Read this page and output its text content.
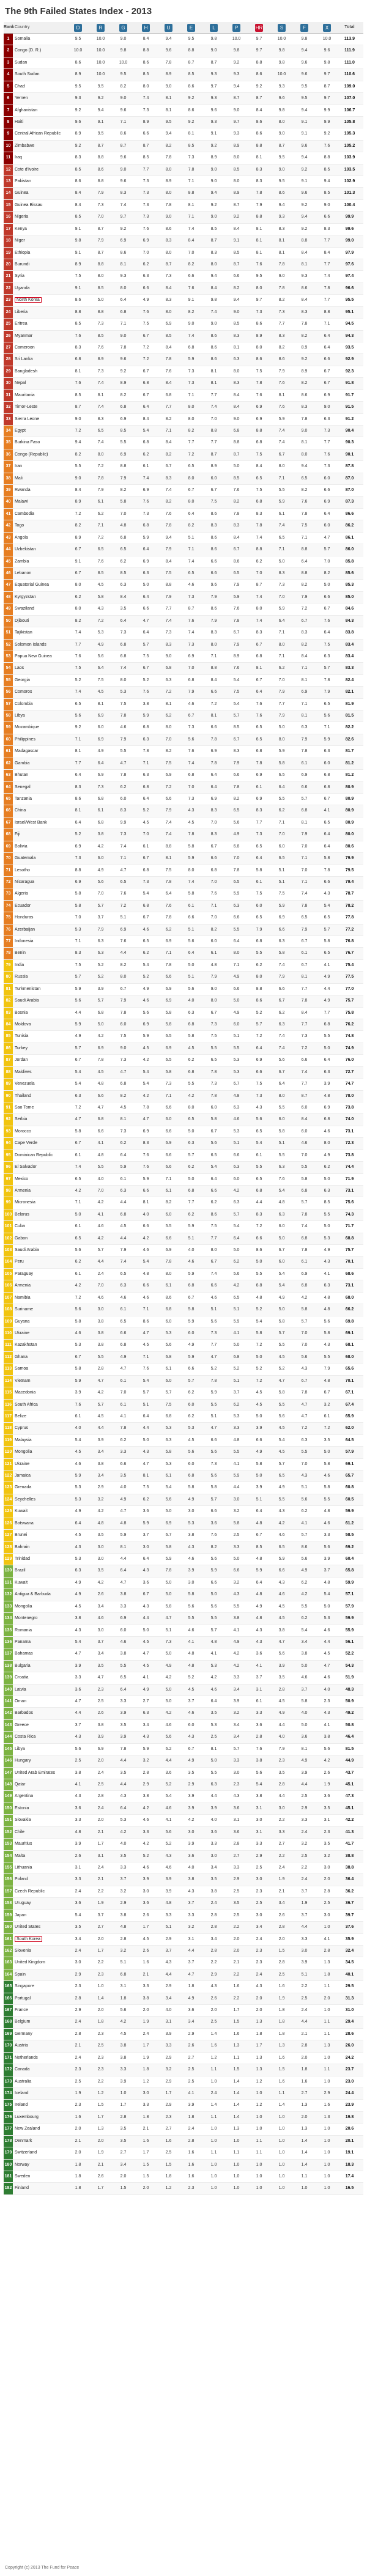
The 9th Failed States Index - 2013
Rank Country	D	R	G	H	U	E	L	P	HR	S	F	X	Total
1	Somalia	9.5	10.0	9.0	8.4	9.4	9.5	9.8	10.0	9.7	10.0	9.8	10.0	113.9
2	Congo (D. R.)	10.0	10.0	9.8	8.8	9.6	8.8	9.0	9.8	9.7	9.8	9.4	9.6	111.9
3	Sudan	8.6	10.0	10.0	8.6	7.8	8.7	8.7	9.2	8.8	9.8	9.6	9.8	111.0
4	South Sudan	8.9	10.0	9.5	8.5	8.9	8.5	9.3	9.3	8.6	10.0	9.6	9.7	110.6
5	Chad	9.5	9.5	8.2	8.0	9.0	8.6	9.7	9.4	9.2	9.3	9.5	8.7	109.0
6	Yemen	9.3	9.2	9.0	7.4	8.1	9.2	9.3	8.7	8.7	9.6	9.5	9.7	107.0
7	Afghanistan	9.2	9.4	9.6	7.3	8.1	8.6	9.6	9.0	8.4	9.8	9.4	9.9	106.7
8	Haiti	9.6	9.1	7.1	8.9	9.5	9.2	9.3	9.7	8.6	8.0	9.1	9.9	105.8
9	Central African Republic	8.9	9.5	8.6	6.6	9.4	8.1	9.1	9.3	8.6	9.0	9.1	9.2	105.3
10 Zimbabwe	9.2	8.7	8.7	8.7	8.2	8.5	9.2	8.9	8.8	8.7	9.6	7.6	105.2
11 Iraq	8.3	8.8	9.6	8.5	7.8	7.3	8.9	8.0	8.1	9.5	9.4	8.8	103.9
12 Cote d'Ivoire	8.5	8.6	9.0	7.7	8.0	7.8	9.0	8.5	8.3	9.0	9.2	8.5	103.5
13 Pakistan	8.6	8.8	9.6	7.3	8.9	7.1	9.0	8.0	8.3	9.5	9.1	9.4	102.9
14 Guinea	8.4	7.9	8.3	7.3	8.0	8.8	9.4	8.9	7.8	8.6	9.6	8.5	101.3
15 Guinea Bissau	8.4	7.3	7.4	7.3	7.8	8.1	9.2	8.7	7.9	9.4	9.2	9.0	100.4
16 Nigeria	8.5	7.0	9.7	7.3	9.0	7.1	9.0	9.2	8.8	9.3	9.4	6.6	99.9
17 Kenya	9.1	8.7	9.2	7.6	8.6	7.4	8.5	8.4	8.1	8.3	9.2	8.3	99.6
18 Niger	9.8	7.9	6.9	6.9	8.3	8.4	8.7	9.1	8.1	8.1	8.8	7.7	99.0
19 Ethiopia	9.1	8.7	8.6	7.0	8.0	7.0	8.3	8.5	8.1	8.1	8.4	8.4	97.9
20 Burundi	8.9	8.8	8.1	6.2	8.7	8.2	8.0	8.7	7.6	7.8	8.1	7.7	97.6
21 Syria	7.5	8.0	9.3	6.3	7.3	6.6	9.4	6.6	9.5	9.0	9.3	7.4	97.4
22 Uganda	9.1	8.5	8.0	6.6	8.4	7.6	8.4	8.2	8.0	7.8	8.6	7.8	96.6
23	North Korea	8.6	5.0	6.4	4.9	8.3	9.1	9.8	9.4	9.7	8.2	8.4	7.7	95.5
24 Liberia	8.8	8.8	6.8	7.6	8.0	8.2	7.4	9.0	7.3	7.3	8.3	8.8	95.1
25 Eritrea	8.5	7.3	7.1	7.5	6.9	9.0	9.0	8.5	8.6	7.7	7.8	7.1	94.5
26 Myanmar	7.6	8.5	9.0	6.7	8.5	7.4	8.6	8.3	8.9	8.3	8.2	6.4	94.3
27 Cameroon	8.3	7.6	7.8	7.2	8.4	6.8	8.6	8.1	8.0	8.2	8.9	6.4	93.5
28 Sri Lanka	6.8	8.9	9.6	7.2	7.8	5.9	8.6	6.3	8.6	8.6	9.2	6.6	92.9
29 Bangladesh	8.1	7.3	9.2	6.7	7.6	7.3	8.1	8.0	7.5	7.9	8.9	6.7	92.3
30 Nepal	7.6	7.4	8.9	6.8	8.4	7.3	8.1	8.3	7.8	7.6	8.2	6.7	91.8
31 Mauritania	8.5	8.1	8.2	6.7	6.8	7.1	7.7	8.4	7.6	8.1	8.6	6.9	91.7
32 Timor-Leste	8.7	7.4	6.8	6.4	7.7	8.0	7.4	8.4	6.9	7.6	8.3	9.0	91.5
33 Sierra Leone	9.0	8.3	6.9	8.4	8.2	8.0	7.0	9.0	6.9	5.9	7.8	6.3	91.2
34 Egypt	7.2	6.5	8.5	5.4	7.1	8.2	8.8	6.8	8.8	7.4	9.0	7.3	90.4
35 Burkina Faso	9.4	7.4	5.5	6.8	8.4	7.7	7.7	8.8	6.8	7.4	8.1	7.7	90.3
36 Congo (Republic)	8.2	8.0	6.9	6.2	8.2	7.2	8.7	8.7	7.5	6.7	8.0	7.6	90.1
37 Iran	5.5	7.2	8.8	6.1	6.7	6.5	8.9	5.0	8.4	8.0	9.4	7.3	87.8
38 Mali	9.0	7.8	7.9	7.4	8.3	8.0	6.0	8.5	6.5	7.1	6.5	6.0	87.0
39 Rwanda	8.4	7.9	8.2	6.9	7.4	6.7	6.7	7.6	7.5	5.5	8.2	6.6	87.0
40 Malawi	8.9	6.1	5.8	7.6	8.2	8.0	7.5	8.2	6.8	5.9	7.6	6.9	87.3
41 Cambodia	7.2	6.2	7.0	7.3	7.6	6.4	8.6	7.8	8.3	6.1	7.8	6.4	86.6
42 Togo	8.2	7.1	4.8	6.8	7.8	8.2	8.3	8.3	7.8	7.4	7.5	6.0	86.2
43 Angola	8.9	7.2	6.8	5.9	9.4	5.1	8.6	8.4	7.4	6.5	7.1	4.7	86.1
44 Uzbekistan	6.7	6.5	6.5	6.4	7.9	7.1	8.6	6.7	8.8	7.1	8.8	5.7	86.0
45 Zambia	9.1	7.6	6.2	6.9	8.4	7.4	6.6	8.6	6.2	5.0	6.4	7.0	85.8
46 Lebanon	6.7	8.5	8.5	6.3	7.5	6.5	6.6	6.5	7.0	8.3	8.8	8.2	85.6
47 Equatorial Guinea	8.0	4.5	6.3	5.0	8.8	4.6	9.6	7.9	8.7	7.3	8.2	5.0	85.3
48 Kyrgyzstan	6.2	5.8	8.4	6.4	7.9	7.3	7.9	5.9	7.4	7.0	7.9	6.6	85.0
49 Swaziland	8.0	4.3	3.5	6.6	7.7	8.7	8.6	7.6	8.0	5.9	7.2	6.7	84.6
50 Djibouti	8.2	7.2	6.4	4.7	7.4	7.6	7.9	7.8	7.4	6.4	6.7	7.6	84.3
51 Tajikistan	7.4	5.3	7.3	6.4	7.3	7.4	8.3	6.7	8.3	7.1	8.3	6.4	83.8
52 Solomon Islands	7.7	4.9	6.8	5.7	8.3	7.3	8.0	7.9	6.7	8.0	8.2	7.5	83.4
53 Papua New Guinea	7.6	5.6	6.8	7.5	9.0	6.9	7.1	8.9	6.8	7.1	8.4	6.3	83.4
54 Laos	7.5	6.4	7.4	6.7	6.8	7.0	8.8	7.6	8.1	6.2	7.1	5.7	83.3
55 Georgia	5.2	7.5	8.0	5.2	6.3	6.8	8.4	5.4	6.7	7.0	8.1	7.8	82.4
56 Comoros	7.4	4.5	5.3	7.6	7.2	7.9	6.6	7.5	6.4	7.9	6.9	7.9	82.1
57 Colombia	6.5	8.1	7.5	3.8	8.1	4.6	7.2	5.4	7.6	7.7	7.1	6.5	81.9
58 Libya	5.6	6.9	7.8	5.9	6.2	6.7	8.1	5.7	7.6	7.9	8.1	5.6	81.5
59 Mozambique	9.2	6.0	4.6	6.8	8.0	7.3	6.6	8.5	6.5	5.0	6.3	7.1	82.2
60 Philippines	7.1	6.9	7.9	6.3	7.0	5.6	7.8	6.7	6.5	8.0	7.9	5.9	82.6
61 Madagascar	8.1	4.9	5.5	7.8	8.2	7.6	6.9	8.3	6.8	5.9	7.8	6.3	81.7
62 Gambia	7.7	6.4	4.7	7.1	7.5	7.4	7.8	7.9	7.8	5.8	6.1	6.0	81.2
63 Bhutan	6.4	6.9	7.8	6.3	6.9	6.8	6.4	6.6	6.9	6.5	6.9	6.8	81.2
64 Senegal	8.3	7.3	6.2	6.8	7.2	7.0	6.4	7.8	6.1	6.4	6.6	6.8	80.9
65 Tanzania	8.6	6.8	6.0	6.4	6.6	7.3	6.9	8.2	6.9	5.5	5.7	6.7	80.9
66 China	8.1	6.1	8.3	5.2	7.9	4.3	8.3	6.5	8.3	6.2	6.8	4.1	80.9
67 Israel/West Bank	6.4	6.8	9.9	4.5	7.4	4.5	7.0	5.6	7.7	7.1	8.1	6.5	80.9
68 Fiji	5.2	3.8	7.3	7.0	7.4	7.8	8.3	4.9	7.3	7.0	7.9	6.4	80.0
69 Bolivia	6.9	4.2	7.4	6.1	8.8	5.8	6.7	6.8	6.5	6.0	7.0	6.4	80.6
70 Guatemala	7.3	6.0	7.1	6.7	8.1	5.9	6.6	7.0	6.4	6.5	7.1	5.8	79.9
71 Lesotho	8.8	4.9	4.7	6.8	7.5	8.0	6.8	7.8	5.8	5.1	7.0	7.8	79.5
72 Nicaragua	6.9	5.6	6.5	7.3	7.8	7.4	7.0	6.5	6.1	5.1	7.1	6.6	79.4
73 Algeria	5.8	7.0	7.6	5.4	6.4	5.8	7.6	5.9	7.5	7.5	7.4	4.3	78.7
74 Ecuador	5.8	5.7	7.2	6.8	7.6	6.1	7.1	6.3	6.0	5.9	7.8	5.4	78.2
75 Honduras	7.0	3.7	5.1	6.7	7.8	6.6	7.0	6.6	6.5	6.9	6.5	6.5	77.8
76 Azerbaijan	5.3	7.9	6.9	4.6	6.2	5.1	8.2	5.5	7.9	6.6	7.9	5.7	77.2
77 Indonesia	7.1	6.3	7.6	6.5	6.9	5.6	6.0	6.4	6.8	6.3	6.7	5.8	76.8
78 Benin	8.3	6.3	4.4	6.2	7.1	6.4	6.1	8.0	5.5	5.8	6.1	6.5	76.7
79 India	7.5	5.2	8.2	5.4	7.8	5.0	4.8	7.1	6.2	7.4	6.7	4.1	75.4
80 Russia	5.7	5.2	8.0	5.2	6.6	5.1	7.9	4.9	8.0	7.9	8.1	4.9	77.5
81 Turkmenistan	5.9	3.9	6.7	4.9	6.9	5.6	9.0	6.6	8.8	6.6	7.7	4.4	77.0
82 Saudi Arabia	5.6	5.7	7.9	4.6	6.9	4.0	8.0	5.0	8.6	6.7	7.8	4.9	75.7
83 Bosnia	4.4	6.8	7.8	5.6	5.8	6.3	6.7	4.9	5.2	6.2	8.4	7.7	75.8
84 Moldova	5.9	5.0	6.0	6.9	5.8	6.8	7.3	6.0	5.7	6.3	7.7	6.8	76.2
85 Tunisia	4.9	4.2	7.5	5.9	6.5	5.8	7.5	5.1	7.2	7.4	7.3	5.5	74.8
86 Turkey	5.7	6.9	9.0	4.5	6.9	4.5	5.5	5.5	6.4	7.4	7.2	5.0	74.9
87 Jordan	6.7	7.8	7.3	4.2	6.5	6.2	6.5	5.3	6.9	5.6	6.6	6.4	76.0
88 Maldives	5.4	4.5	4.7	5.4	5.8	6.8	7.8	5.3	6.6	6.7	7.4	6.3	72.7
89 Venezuela	5.4	4.8	6.8	5.4	7.3	5.5	7.3	6.7	7.5	6.4	7.7	3.9	74.7
90 Thailand	6.3	6.6	8.2	4.2	7.1	4.2	7.8	4.8	7.3	8.0	8.7	4.8	78.0
91 Sao Tome	7.2	4.7	4.5	7.8	6.6	8.0	6.0	6.3	4.3	5.5	6.0	6.9	73.8
92 Serbia	4.7	6.8	8.1	4.7	6.0	6.5	5.8	4.6	5.6	6.0	8.4	6.8	74.0
93 Morocco	5.8	6.6	7.3	6.9	6.6	5.0	6.7	5.3	6.5	5.8	6.0	4.6	73.1
94 Cape Verde	6.7	4.1	6.2	8.3	6.9	6.3	5.6	5.1	5.4	5.1	4.6	8.0	72.3
95 Dominican Republic	6.1	4.8	6.4	7.6	6.6	5.7	6.5	6.6	6.1	5.5	7.0	4.9	73.8
96 El Salvador	7.4	5.5	5.9	7.6	6.6	6.2	5.4	6.3	5.5	6.3	5.5	6.2	74.4
97 Mexico	6.5	4.0	6.1	5.9	7.1	5.0	6.4	6.0	6.5	7.6	5.8	5.0	71.9
98 Armenia	4.2	7.0	6.3	6.6	6.1	6.8	6.6	4.2	6.8	5.4	6.8	6.3	73.1
99 Micronesia	7.1	4.2	4.4	8.1	8.2	7.7	6.2	6.3	4.4	4.8	5.7	8.5	75.6
100 Belarus	5.0	4.1	6.8	4.0	6.0	6.2	8.6	5.7	8.3	6.3	7.8	5.5	74.3
101 Cuba	6.1	4.6	4.5	6.6	5.5	5.9	7.5	5.4	7.2	6.0	7.4	5.0	71.7
102 Gabon	6.5	4.2	4.4	4.2	6.6	5.1	7.7	6.4	6.6	5.0	6.8	5.3	68.8
103 Saudi Arabia	5.6	5.7	7.9	4.6	6.9	4.0	8.0	5.0	8.6	6.7	7.8	4.9	75.7
104 Peru	6.2	4.4	7.4	5.4	7.8	4.6	6.7	6.2	5.0	6.0	6.1	4.3	70.1
105 Paraguay	6.1	2.4	6.5	4.8	8.0	5.9	7.4	5.6	5.5	5.4	6.9	4.1	68.6
106 Armenia	4.2	7.0	6.3	6.6	6.1	6.8	6.6	4.2	6.8	5.4	6.8	6.3	73.1
107 Namibia	7.2	4.6	4.6	4.6	8.6	6.7	4.6	6.5	4.8	4.9	4.2	4.8	68.0
108 Suriname	5.6	3.0	6.1	7.1	6.8	5.8	5.1	5.1	5.2	5.0	5.8	4.8	66.2
109 Guyana	5.8	3.8	6.5	8.6	6.0	5.9	5.6	5.9	5.4	5.8	5.7	5.6	69.8
110 Ukraine	4.6	3.8	6.6	4.7	5.3	6.0	7.3	4.1	5.8	5.7	7.0	5.8	69.1
111 Kazakhstan	5.3	3.8	6.8	4.5	5.6	4.9	7.7	5.0	7.2	5.5	7.0	4.3	68.1
112 Ghana	6.7	5.5	4.9	7.1	6.8	5.9	4.7	6.8	5.0	4.5	5.6	5.5	68.0
113 Samoa	5.8	2.8	4.7	7.6	6.1	6.6	5.2	5.2	5.2	5.2	4.3	7.9	65.6
114 Vietnam	5.9	4.7	6.1	5.4	6.0	5.7	7.8	5.1	7.2	4.7	6.7	4.8	70.1
115 Macedonia	3.9	4.2	7.0	5.7	5.7	6.2	5.9	3.7	4.5	5.8	7.8	6.7	67.1
116 South Africa	7.6	5.7	6.1	5.1	7.5	6.0	5.5	6.2	4.5	5.5	4.7	3.2	67.4
117 Belize	6.1	4.5	4.1	6.4	6.8	6.2	5.1	5.3	5.0	5.6	4.7	6.1	65.9
118 Cyprus	4.0	4.4	7.8	4.4	5.3	5.3	4.7	3.3	3.9	4.5	7.2	7.2	62.0
119 Malaysia	5.4	3.9	6.2	5.0	6.3	4.5	6.6	4.8	6.6	5.4	6.3	3.5	64.5
120 Mongolia	4.5	3.4	3.3	4.3	5.8	5.6	5.6	5.5	4.9	4.5	5.5	5.0	57.9
121 Ukraine	4.6	3.8	6.6	4.7	5.3	6.0	7.3	4.1	5.8	5.7	7.0	5.8	69.1
122 Jamaica	5.9	3.4	3.5	8.1	6.1	6.8	5.6	5.9	5.0	6.5	4.3	4.6	65.7
123 Grenada	5.3	2.9	4.0	7.5	5.4	5.8	5.8	4.4	3.9	4.9	5.1	5.8	60.8
124 Seychelles	5.3	3.2	4.9	6.2	5.6	4.9	5.7	3.0	5.1	5.5	5.6	5.5	60.5
125 Kuwait	4.9	4.2	4.7	3.6	5.0	3.0	6.6	3.2	6.4	4.3	6.2	4.8	59.9
126 Botswana	6.4	4.8	4.8	5.9	6.9	5.3	3.6	5.8	4.8	4.2	4.1	4.6	61.2
127 Brunei	4.5	3.5	5.9	3.7	6.7	3.8	7.6	2.5	6.7	4.6	5.7	3.3	58.5
128 Bahrain	4.3	3.0	8.1	3.0	5.8	4.3	8.2	3.3	8.5	6.5	8.6	5.6	69.2
129 Trinidad	5.3	3.0	4.4	6.4	5.9	4.6	5.6	5.0	4.8	5.9	5.6	3.9	60.4
130 Brazil	6.3	3.5	6.4	4.3	7.8	3.9	5.9	6.6	5.9	6.6	4.9	3.7	65.8
131 Kuwait	4.9	4.2	4.7	3.6	5.0	3.0	6.6	3.2	6.4	4.3	6.2	4.8	59.9
132 Antigua & Barbuda	4.9	2.6	3.8	6.7	5.0	5.8	5.0	4.3	4.8	4.6	4.2	5.4	57.1
133 Mongolia	4.5	3.4	3.3	4.3	5.8	5.6	5.6	5.5	4.9	4.5	5.5	5.0	57.9
134 Montenegro	3.8	4.6	6.9	4.4	4.7	5.5	5.5	3.8	4.8	4.5	6.2	5.3	59.9
135 Romania	4.3	3.0	6.0	5.0	5.1	4.6	5.7	4.1	4.3	3.8	5.4	4.6	55.9
136 Panama	5.4	3.7	4.6	4.5	7.3	4.1	4.8	4.9	4.3	4.7	3.4	4.4	56.1
137 Bahamas	4.7	3.4	3.8	4.7	5.0	4.8	4.1	4.2	3.6	5.6	3.8	4.5	52.2
138 Bulgaria	3.9	3.5	5.5	4.5	4.9	4.8	5.3	4.2	4.1	3.9	5.0	4.7	54.3
139 Croatia	3.3	4.7	6.5	4.1	4.2	5.2	4.2	3.3	3.7	3.5	4.6	4.6	51.9
140 Latvia	3.6	2.3	6.4	4.9	5.0	4.5	4.6	3.4	3.1	2.8	3.7	4.0	48.3
141 Oman	4.7	2.5	3.3	2.7	5.0	3.7	6.4	3.9	6.1	4.5	5.8	2.3	50.9
142 Barbados	4.4	2.6	3.9	6.3	4.2	4.6	3.5	3.2	3.3	4.9	4.0	4.3	49.2
143 Greece	3.7	3.8	3.5	3.4	4.6	6.0	5.3	3.4	3.6	4.4	5.0	4.1	50.8
144 Costa Rica	4.3	3.9	3.9	4.3	5.6	4.3	2.5	3.4	2.8	4.0	3.6	3.8	46.4
145 Libya	5.6	6.9	7.8	5.9	6.2	6.7	8.1	5.7	7.6	7.9	8.1	5.6	81.5
146 Hungary	2.5	2.0	4.4	3.2	4.4	4.9	5.0	3.3	3.8	2.3	4.9	4.2	44.9
147 United Arab Emirates	3.8	2.4	3.5	2.8	3.6	3.5	5.5	3.0	5.6	3.5	3.9	2.6	43.7
148 Qatar	4.1	2.5	4.4	2.9	5.2	2.9	6.3	2.3	5.4	2.8	4.4	1.9	45.1
149 Argentina	4.3	2.8	4.3	3.8	5.4	3.9	4.4	4.3	3.8	4.4	2.5	3.6	47.3
150 Estonia	3.6	2.4	6.4	4.2	4.6	3.9	3.9	3.6	3.1	3.0	2.9	3.5	45.1
151 Slovakia	3.3	2.0	5.3	4.6	4.1	4.2	4.0	3.1	3.0	2.2	3.3	3.1	42.2
152 Chile	4.8	2.1	4.2	3.3	5.6	3.0	3.6	3.6	3.1	3.3	2.4	2.3	41.3
153 Mauritius	3.9	1.7	4.0	4.2	5.2	3.9	3.3	2.8	3.3	2.7	3.2	3.5	41.7
154 Malta	2.6	3.1	3.5	5.2	4.3	3.6	3.0	2.7	2.9	2.2	2.5	3.2	38.8
155 Lithuania	3.1	2.4	3.3	4.6	4.6	4.0	3.4	3.3	2.5	2.4	2.2	3.0	38.8
156 Poland	3.3	2.1	3.7	3.9	3.9	3.8	3.5	2.9	3.0	1.9	2.4	2.0	36.4
157 Czech Republic	2.4	2.2	3.2	3.0	3.9	4.3	3.8	2.5	2.3	2.1	3.7	2.8	36.2
158 Uruguay	3.6	1.9	2.9	3.6	4.8	3.7	2.4	3.5	2.5	3.4	1.9	2.5	36.7
159 Japan	5.4	3.7	3.8	2.6	3.3	3.3	2.8	2.5	3.0	2.6	3.7	3.0	39.7
160 United States	3.5	2.7	4.8	1.7	5.1	3.2	2.8	2.2	3.4	2.8	4.4	1.0	37.6
161	South Korea	3.4	2.0	2.8	4.5	2.9	3.1	3.4	2.0	2.4	2.0	3.3	4.1	35.9
162 Slovenia	2.4	1.7	3.2	2.6	3.7	4.4	2.8	2.0	2.3	1.5	3.0	2.8	32.4
163 United Kingdom	3.0	2.2	5.1	1.6	4.3	3.7	2.2	2.1	2.3	2.8	3.9	1.3	34.5
164 Spain	2.9	2.3	6.8	2.1	4.4	4.7	2.9	2.2	2.4	2.5	5.1	1.8	40.1
165 Singapore	2.3	1.0	3.1	3.3	2.9	1.8	4.3	1.6	4.3	1.6	2.2	1.1	29.5
166 Portugal	2.8	1.4	1.8	3.8	3.4	4.9	2.6	2.2	2.0	1.9	2.5	2.0	31.3
167 France	2.9	2.0	5.6	2.0	4.0	3.6	2.0	1.7	2.0	1.8	2.4	1.0	31.0
168 Belgium	2.4	1.8	4.2	1.9	3.1	3.4	2.5	1.5	1.3	1.8	4.4	1.1	29.4
169 Germany	2.8	2.3	4.5	2.4	3.9	2.9	1.4	1.6	1.8	1.8	2.1	1.1	28.6
170 Austria	2.1	2.5	3.8	1.7	3.3	2.6	1.6	1.3	1.7	1.3	2.8	1.3	26.0
171 Netherlands	2.4	2.3	3.8	1.9	2.9	2.7	1.2	1.1	1.3	1.6	2.0	1.0	24.2
172 Canada	2.3	2.3	3.3	1.8	3.2	2.5	1.1	1.5	1.3	1.5	1.8	1.1	23.7
173 Australia	2.5	2.2	3.9	1.2	2.9	2.5	1.0	1.4	1.2	1.6	1.6	1.0	23.0
174 Iceland	1.9	1.2	1.0	3.0	1.7	4.1	2.4	1.4	1.0	1.1	2.7	2.9	24.4
175 Ireland	2.3	1.5	1.7	3.3	2.9	3.9	1.4	1.4	1.2	1.4	1.3	1.6	23.9
176 Luxembourg	1.6	1.7	2.8	1.8	2.3	1.8	1.1	1.4	1.0	1.0	2.0	1.3	19.8
177 New Zealand	2.0	1.3	3.5	2.1	2.7	2.4	1.0	1.3	1.0	1.0	1.3	1.0	20.6
178 Denmark	2.1	2.0	3.5	1.6	1.6	2.8	1.0	1.0	1.1	1.0	1.4	1.0	20.1
179 Switzerland	2.0	1.9	2.7	1.7	2.5	1.6	1.1	1.1	1.1	1.0	1.4	1.0	19.1
180 Norway	1.8	2.1	3.4	1.5	1.5	1.6	1.0	1.0	1.0	1.0	1.4	1.0	18.3
181 Sweden	1.8	2.6	2.0	1.5	1.8	1.6	1.0	1.0	1.0	1.0	1.1	1.0	17.4
182 Finland	1.8	1.7	1.5	2.0	1.2	2.3	1.0	1.0	1.0	1.0	1.0	1.0	16.5
Copyright (c) 2013 The Fund for Peace
